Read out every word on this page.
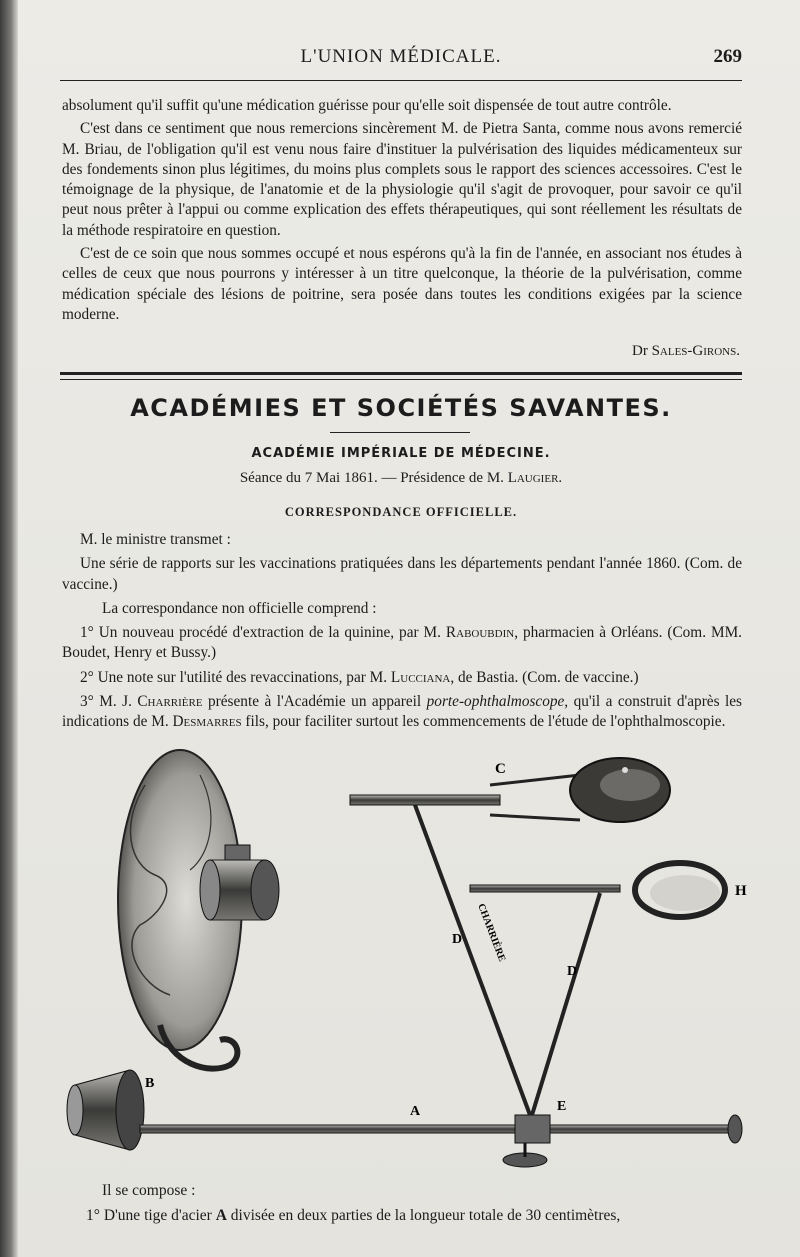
L'UNION MÉDICALE.	269

absolument qu'il suffit qu'une médication guérisse pour qu'elle soit dispensée de tout autre contrôle.

C'est dans ce sentiment que nous remercions sincèrement M. de Pietra Santa, comme nous avons remercié M. Briau, de l'obligation qu'il est venu nous faire d'instituer la pulvérisation des liquides médicamenteux sur des fondements sinon plus légitimes, du moins plus complets sous le rapport des sciences accessoires. C'est le témoignage de la physique, de l'anatomie et de la physiologie qu'il s'agit de provoquer, pour savoir ce qu'il peut nous prêter à l'appui ou comme explication des effets thérapeutiques, qui sont réellement les résultats de la méthode respiratoire en question.

C'est de ce soin que nous sommes occupé et nous espérons qu'à la fin de l'année, en associant nos études à celles de ceux que nous pourrons y intéresser à un titre quelconque, la théorie de la pulvérisation, comme médication spéciale des lésions de poitrine, sera posée dans toutes les conditions exigées par la science moderne.

Dr Sales-Girons.
ACADÉMIES ET SOCIÉTÉS SAVANTES.
ACADÉMIE IMPÉRIALE DE MÉDECINE.
Séance du 7 Mai 1861. — Présidence de M. Laugier.
CORRESPONDANCE OFFICIELLE.

M. le ministre transmet :

Une série de rapports sur les vaccinations pratiquées dans les départements pendant l'année 1860. (Com. de vaccine.)

La correspondance non officielle comprend :

1° Un nouveau procédé d'extraction de la quinine, par M. Raboubdin, pharmacien à Orléans. (Com. MM. Boudet, Henry et Bussy.)

2° Une note sur l'utilité des revaccinations, par M. Lucciana, de Bastia. (Com. de vaccine.)

3° M. J. Charrière présente à l'Académie un appareil porte-ophthalmoscope, qu'il a construit d'après les indications de M. Desmarres fils, pour faciliter surtout les commencements de l'étude de l'ophthalmoscopie.

C
H
D
D
B
A	E
CHARRIÈRE

Il se compose :

1° D'une tige d'acier A divisée en deux parties de la longueur totale de 30 centimètres,
